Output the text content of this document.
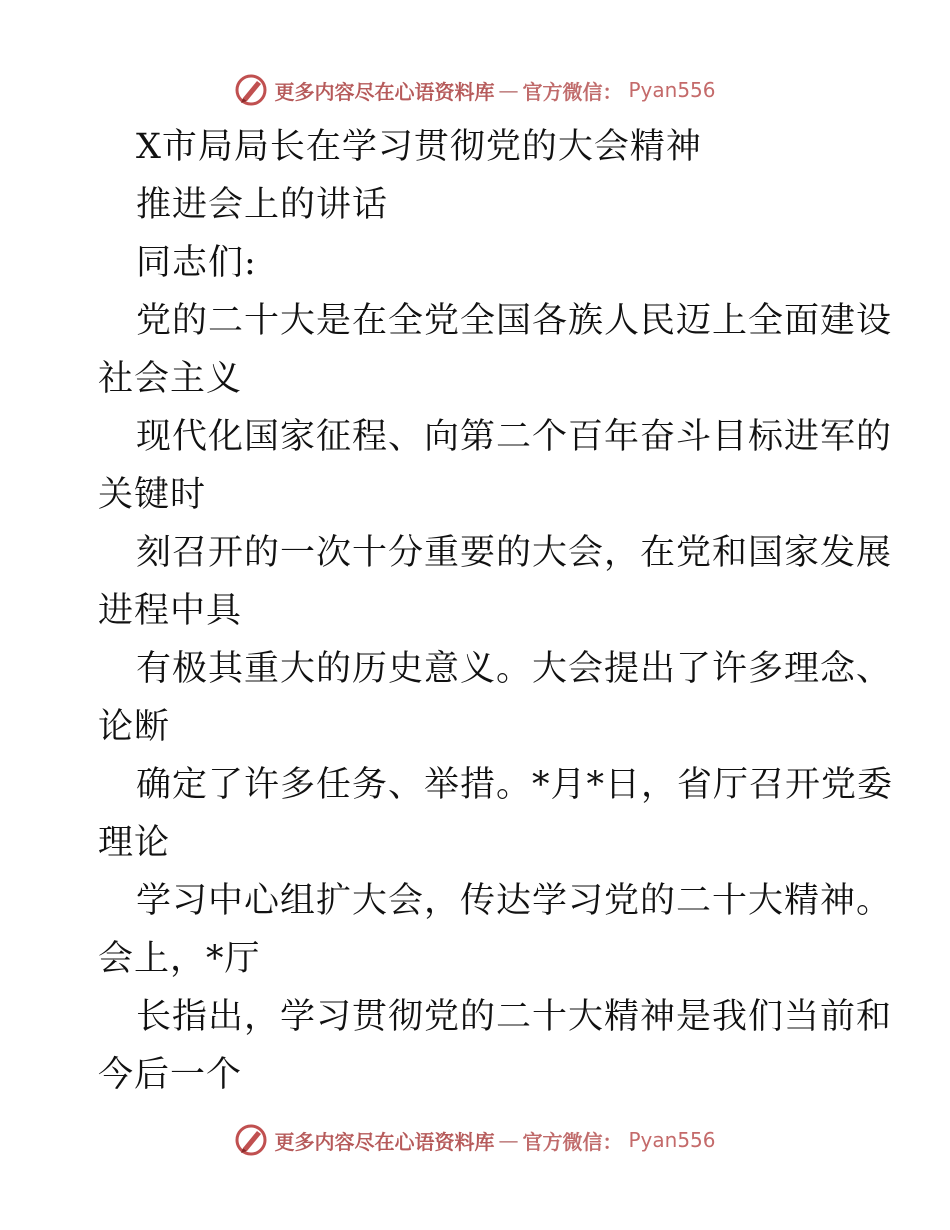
更多内容尽在心语资料库 — 官方微信： Pyan556
X市局局长在学习贯彻党的大会精神
推进会上的讲话
同志们:
党的二十大是在全党全国各族人民迈上全面建设
社会主义
现代化国家征程、向第二个百年奋斗目标进军的
关键时
刻召开的一次十分重要的大会，在党和国家发展
进程中具
有极其重大的历史意义。大会提出了许多理念、
论断
确定了许多任务、举措。*月*日，省厅召开党委
理论
学习中心组扩大会，传达学习党的二十大精神。
会上，*厅
长指出，学习贯彻党的二十大精神是我们当前和
今后一个
更多内容尽在心语资料库 — 官方微信： Pyan556
